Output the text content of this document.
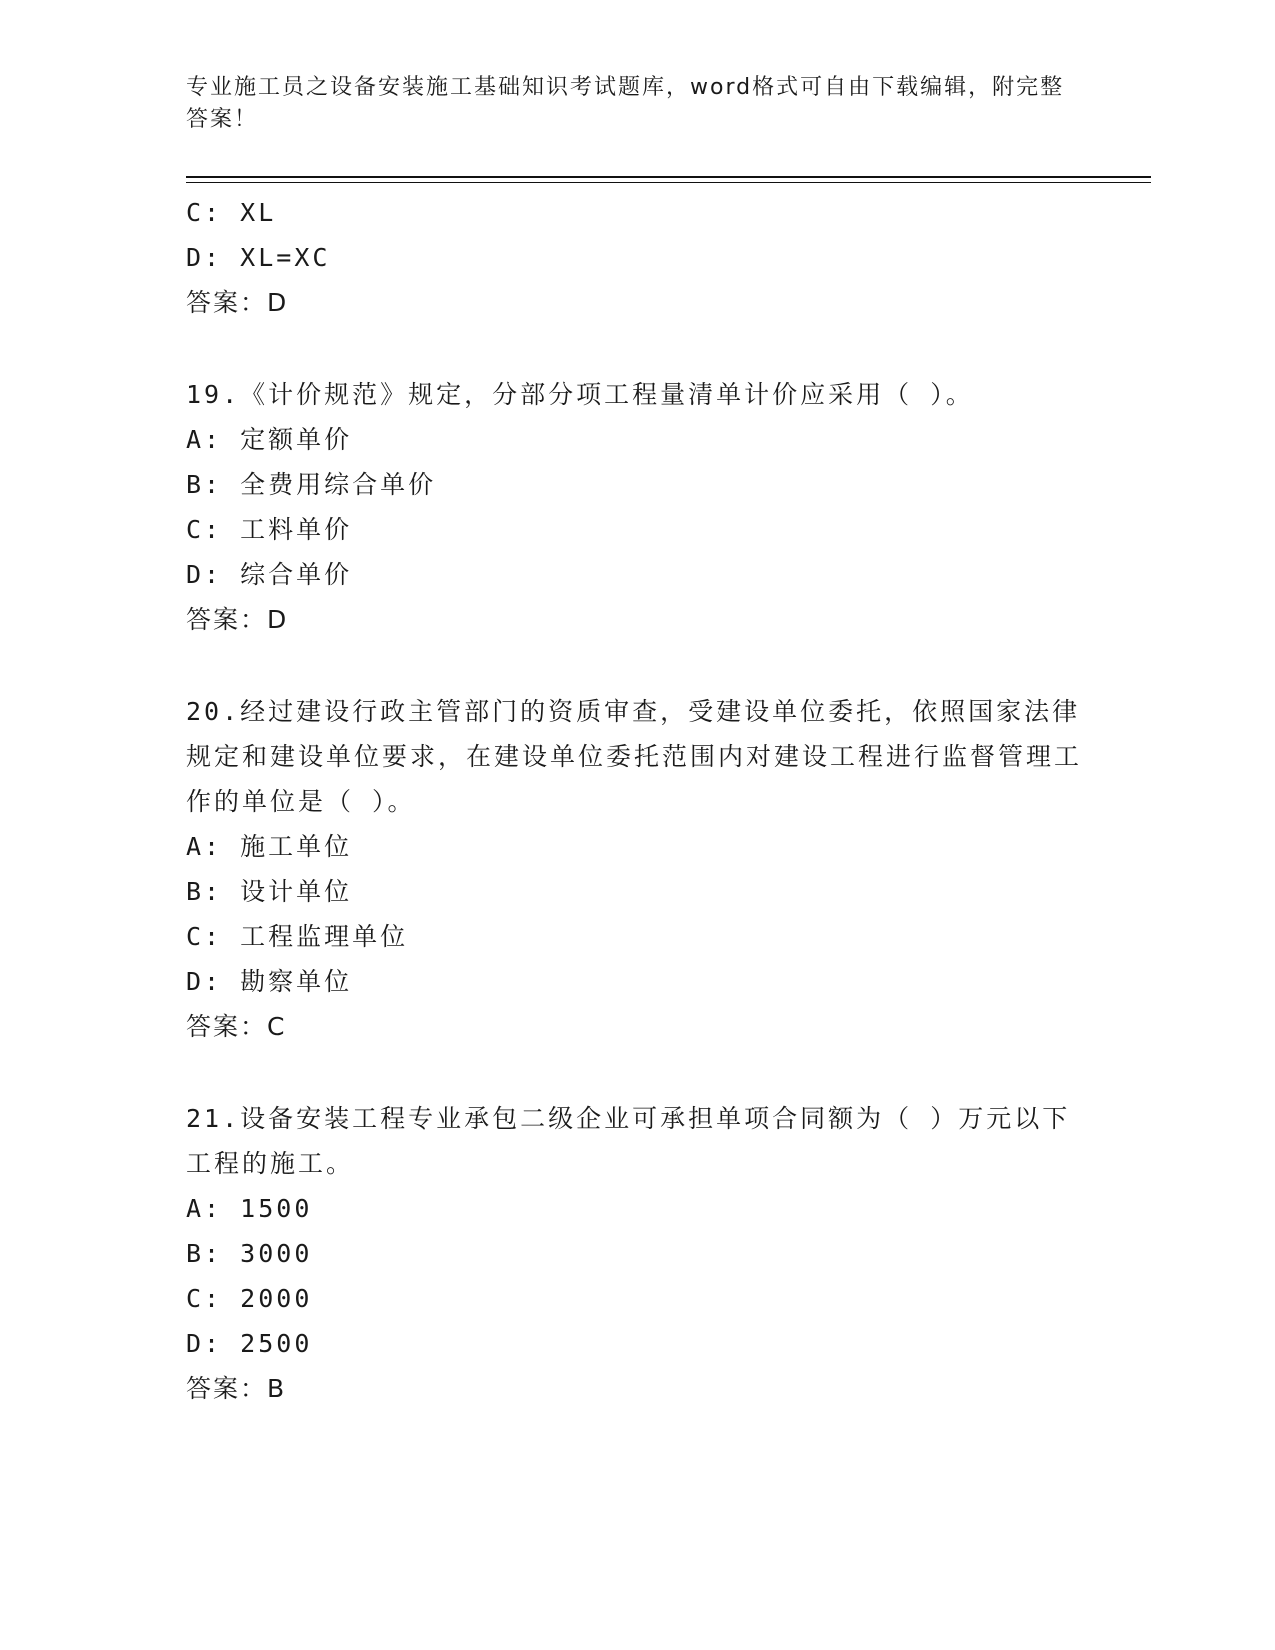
专业施工员之设备安装施工基础知识考试题库，word格式可自由下载编辑，附完整答案！
C: XL
D: XL=XC
答案：D
19.《计价规范》规定，分部分项工程量清单计价应采用（ ）。
A: 定额单价
B: 全费用综合单价
C: 工料单价
D: 综合单价
答案：D
20.经过建设行政主管部门的资质审查，受建设单位委托，依照国家法律规定和建设单位要求，在建设单位委托范围内对建设工程进行监督管理工作的单位是（ ）。
A: 施工单位
B: 设计单位
C: 工程监理单位
D: 勘察单位
答案：C
21.设备安装工程专业承包二级企业可承担单项合同额为（ ）万元以下工程的施工。
A: 1500
B: 3000
C: 2000
D: 2500
答案：B
